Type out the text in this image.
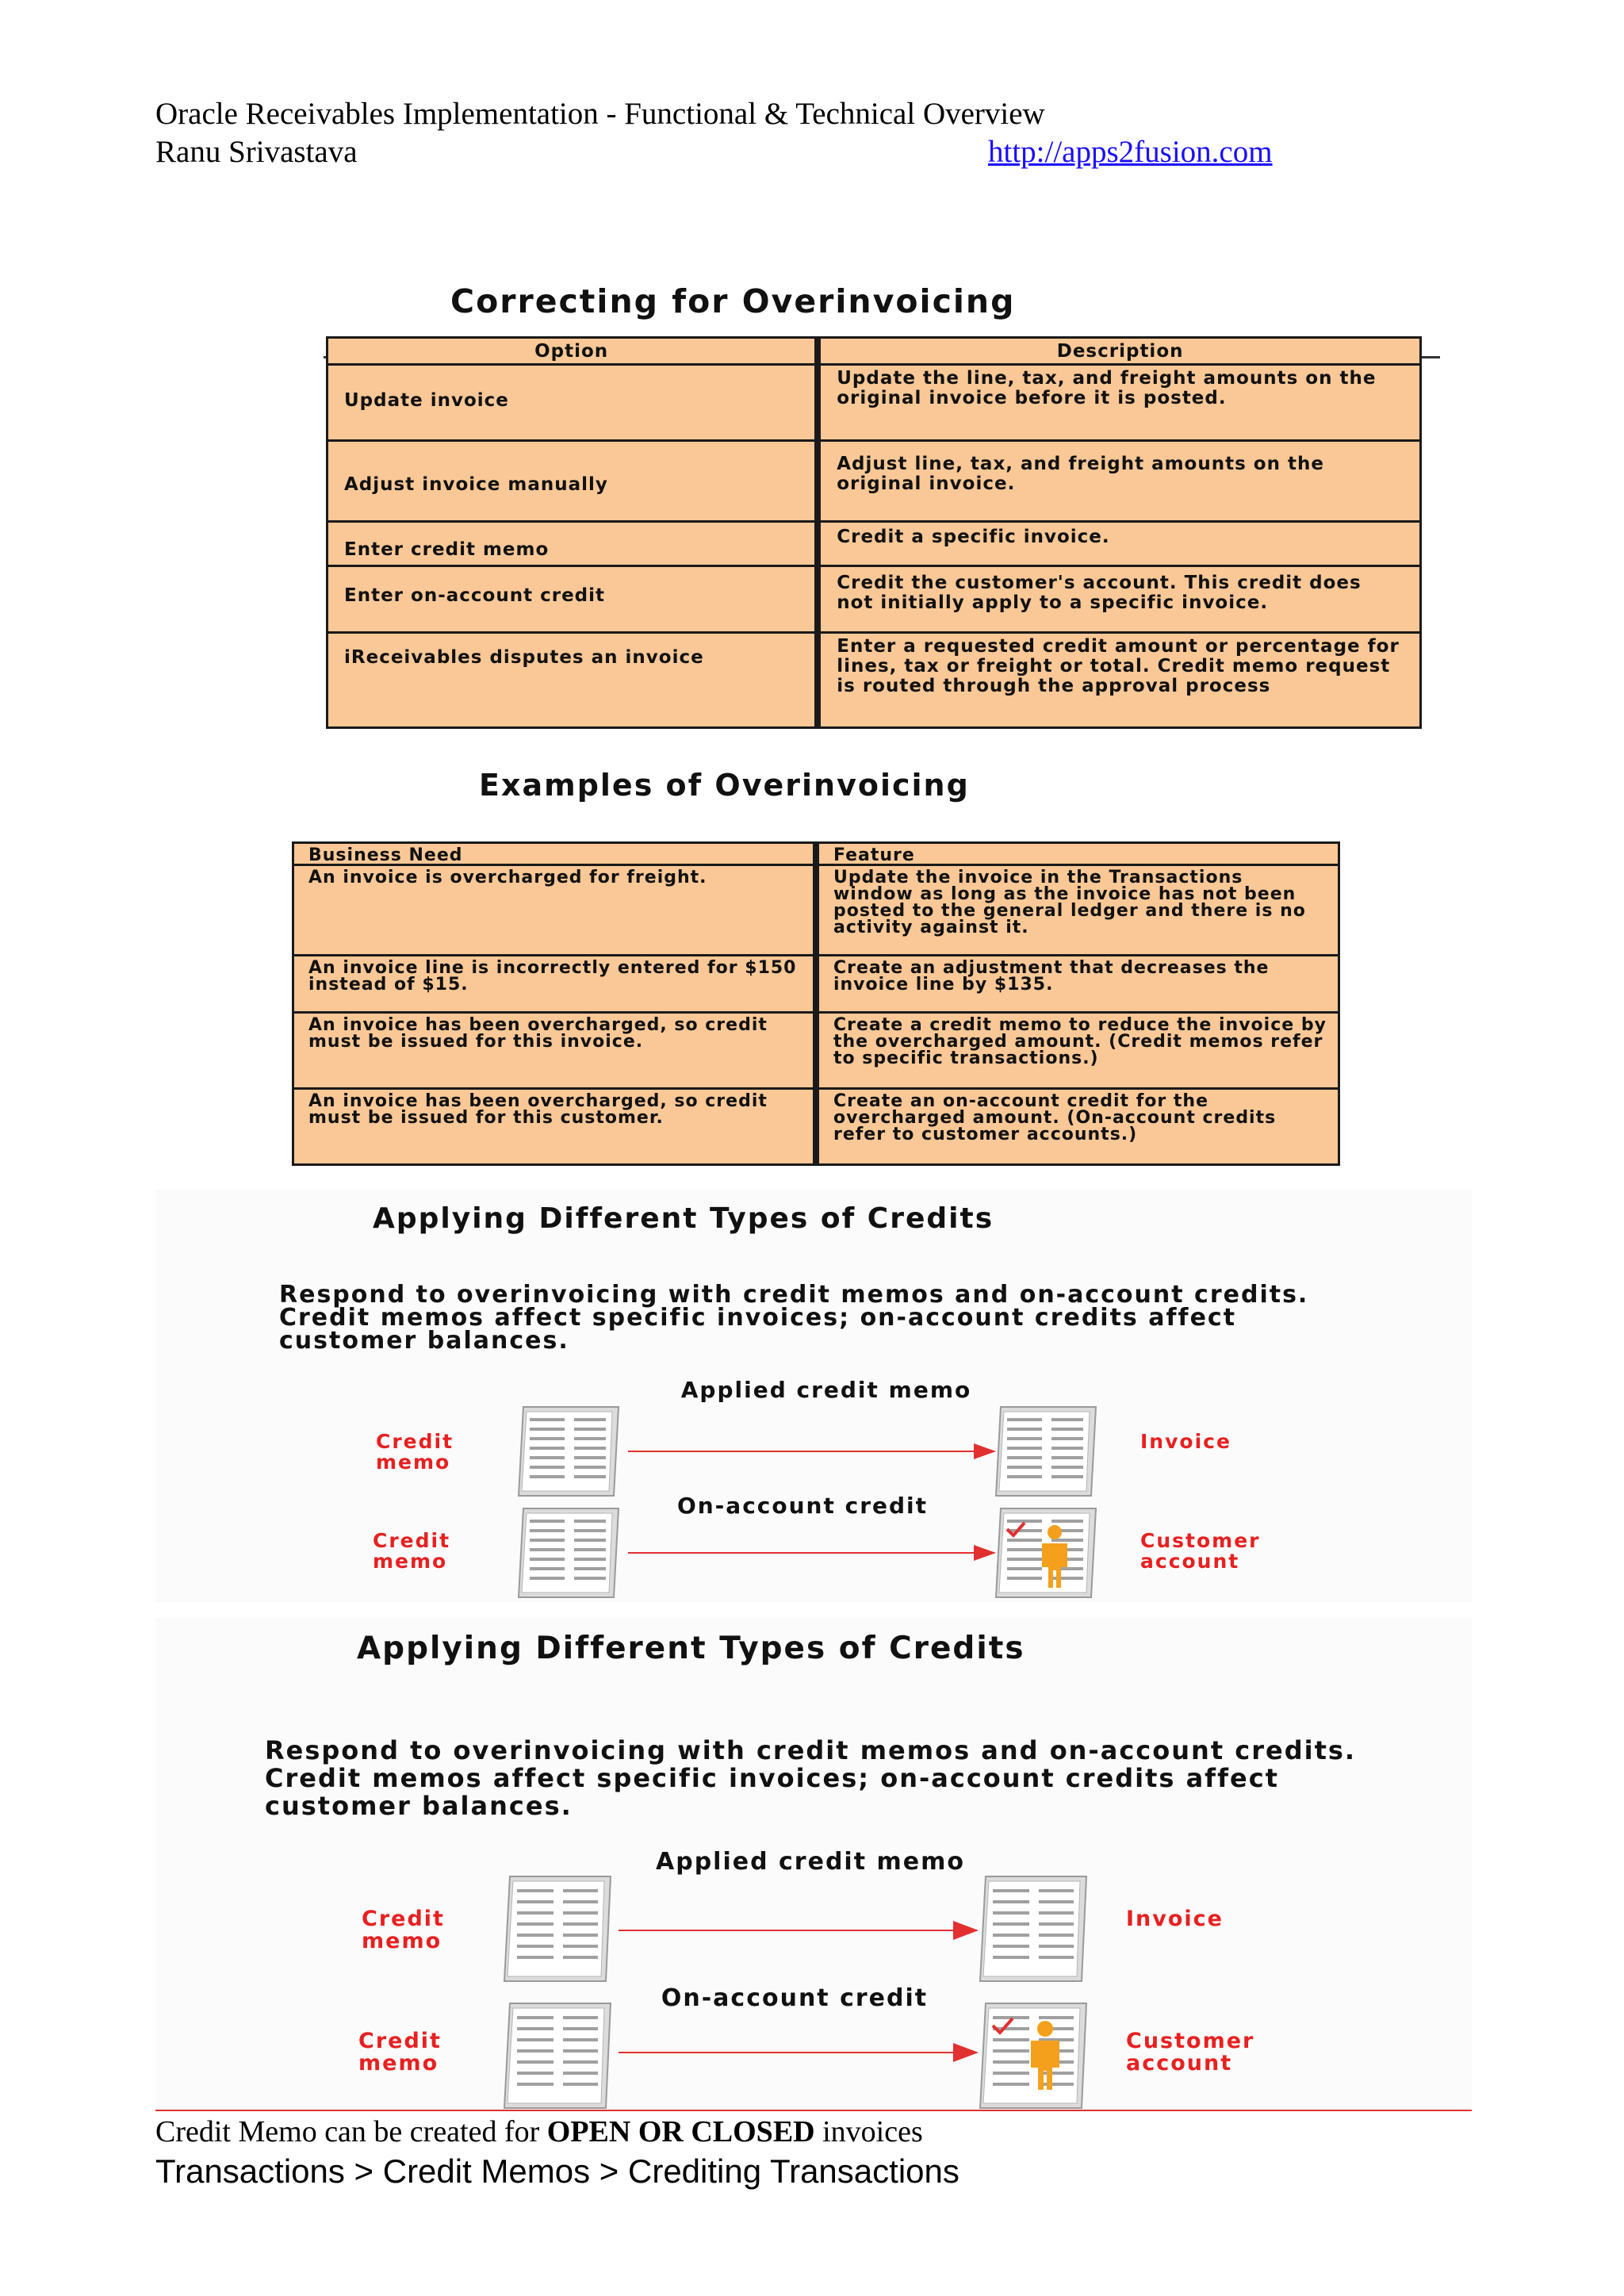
Oracle Receivables Implementation - Functional & Technical Overview
Ranu Srivastava	http://apps2fusion.com
Correcting for Overinvoicing
Option	Description
Update invoice	Update the line, tax, and freight amounts on the original invoice before it is posted.
Adjust invoice manually	Adjust line, tax, and freight amounts on the original invoice.
Enter credit memo	Credit a specific invoice.
Enter on-account credit	Credit the customer's account. This credit does not initially apply to a specific invoice.
iReceivables disputes an invoice	Enter a requested credit amount or percentage for lines, tax or freight or total. Credit memo request is routed through the approval process
Examples of Overinvoicing
Business Need	Feature
An invoice is overcharged for freight.	Update the invoice in the Transactions window as long as the invoice has not been posted to the general ledger and there is no activity against it.
An invoice line is incorrectly entered for $150 instead of $15.	Create an adjustment that decreases the invoice line by $135.
An invoice has been overcharged, so credit must be issued for this invoice.	Create a credit memo to reduce the invoice by the overcharged amount. (Credit memos refer to specific transactions.)
An invoice has been overcharged, so credit must be issued for this customer.	Create an on-account credit for the overcharged amount. (On-account credits refer to customer accounts.)
Applying Different Types of Credits
Respond to overinvoicing with credit memos and on-account credits. Credit memos affect specific invoices; on-account credits affect customer balances.
Applied credit memo
Credit memo
Invoice
On-account credit
Credit memo
Customer account
Applying Different Types of Credits
Respond to overinvoicing with credit memos and on-account credits. Credit memos affect specific invoices; on-account credits affect customer balances.
Applied credit memo
Credit memo
Invoice
On-account credit
Credit memo
Customer account
Credit Memo can be created for OPEN OR CLOSED invoices
Transactions > Credit Memos > Crediting Transactions
